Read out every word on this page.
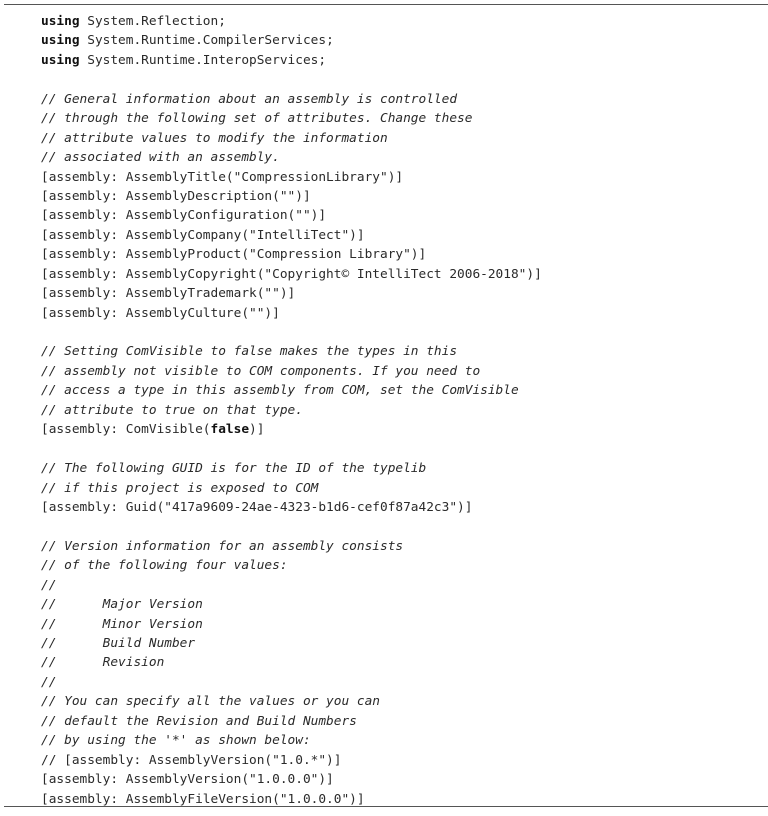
using System.Reflection;
using System.Runtime.CompilerServices;
using System.Runtime.InteropServices;
// General information about an assembly is controlled
// through the following set of attributes. Change these
// attribute values to modify the information
// associated with an assembly.
[assembly: AssemblyTitle("CompressionLibrary")]
[assembly: AssemblyDescription("")]
[assembly: AssemblyConfiguration("")]
[assembly: AssemblyCompany("IntelliTect")]
[assembly: AssemblyProduct("Compression Library")]
[assembly: AssemblyCopyright("Copyright© IntelliTect 2006-2018")]
[assembly: AssemblyTrademark("")]
[assembly: AssemblyCulture("")]
// Setting ComVisible to false makes the types in this
// assembly not visible to COM components. If you need to
// access a type in this assembly from COM, set the ComVisible
// attribute to true on that type.
[assembly: ComVisible(false)]
// The following GUID is for the ID of the typelib
// if this project is exposed to COM
[assembly: Guid("417a9609-24ae-4323-b1d6-cef0f87a42c3")]
// Version information for an assembly consists
// of the following four values:
//
//      Major Version
//      Minor Version
//      Build Number
//      Revision
//
// You can specify all the values or you can
// default the Revision and Build Numbers
// by using the '*' as shown below:
// [assembly: AssemblyVersion("1.0.*")]
[assembly: AssemblyVersion("1.0.0.0")]
[assembly: AssemblyFileVersion("1.0.0.0")]
